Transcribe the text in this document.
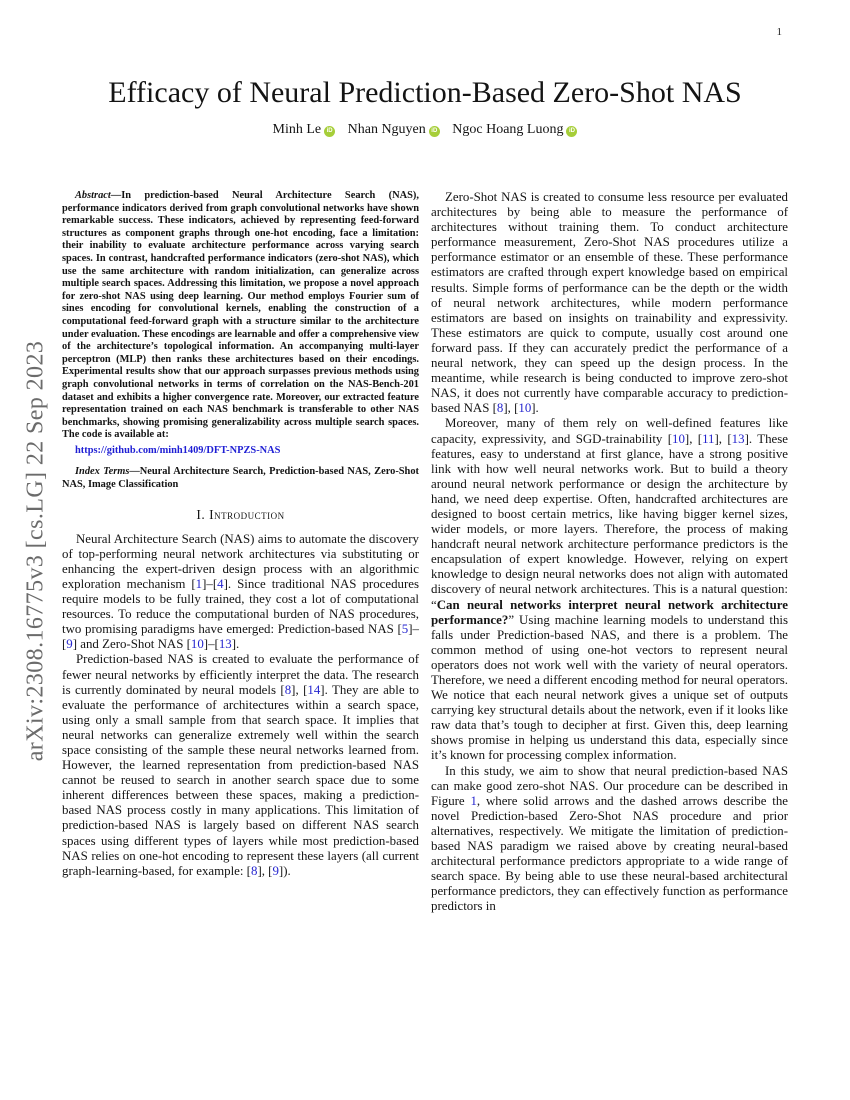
1
arXiv:2308.16775v3 [cs.LG] 22 Sep 2023
Efficacy of Neural Prediction-Based Zero-Shot NAS
Minh Le iD Nhan Nguyen iD Ngoc Hoang Luong iD

Abstract—In prediction-based Neural Architecture Search (NAS), performance indicators derived from graph convolutional networks have shown remarkable success. These indicators, achieved by representing feed-forward structures as component graphs through one-hot encoding, face a limitation: their inability to evaluate architecture performance across varying search spaces. In contrast, handcrafted performance indicators (zero-shot NAS), which use the same architecture with random initialization, can generalize across multiple search spaces. Addressing this limitation, we propose a novel approach for zero-shot NAS using deep learning. Our method employs Fourier sum of sines encoding for convolutional kernels, enabling the construction of a computational feed-forward graph with a structure similar to the architecture under evaluation. These encodings are learnable and offer a comprehensive view of the architecture’s topological information. An accompanying multi-layer perceptron (MLP) then ranks these architectures based on their encodings. Experimental results show that our approach surpasses previous methods using graph convolutional networks in terms of correlation on the NAS-Bench-201 dataset and exhibits a higher convergence rate. Moreover, our extracted feature representation trained on each NAS benchmark is transferable to other NAS benchmarks, showing promising generalizability across multiple search spaces. The code is available at:

https://github.com/minh1409/DFT-NPZS-NAS

Index Terms—Neural Architecture Search, Prediction-based NAS, Zero-Shot NAS, Image Classification

I. Introduction

Neural Architecture Search (NAS) aims to automate the discovery of top-performing neural network architectures via substituting or enhancing the expert-driven design process with an algorithmic exploration mechanism [1]–[4]. Since traditional NAS procedures require models to be fully trained, they cost a lot of computational resources. To reduce the computational burden of NAS procedures, two promising paradigms have emerged: Prediction-based NAS [5]–[9] and Zero-Shot NAS [10]–[13].

Prediction-based NAS is created to evaluate the performance of fewer neural networks by efficiently interpret the data. The research is currently dominated by neural models [8], [14]. They are able to evaluate the performance of architectures within a search space, using only a small sample from that search space. It implies that neural networks can generalize extremely well within the search space consisting of the sample these neural networks learned from. However, the learned representation from prediction-based NAS cannot be reused to search in another search space due to some inherent differences between these spaces, making a prediction-based NAS process costly in many applications. This limitation of prediction-based NAS is largely based on different NAS search spaces using different types of layers while most prediction-based NAS relies on one-hot encoding to represent these layers (all current graph-learning-based, for example: [8], [9]).

Zero-Shot NAS is created to consume less resource per evaluated architectures by being able to measure the performance of architectures without training them. To conduct architecture performance measurement, Zero-Shot NAS procedures utilize a performance estimator or an ensemble of these. These performance estimators are crafted through expert knowledge based on empirical results. Simple forms of performance can be the depth or the width of neural network architectures, while modern performance estimators are based on insights on trainability and expressivity. These estimators are quick to compute, usually cost around one forward pass. If they can accurately predict the performance of a neural network, they can speed up the design process. In the meantime, while research is being conducted to improve zero-shot NAS, it does not currently have comparable accuracy to prediction-based NAS [8], [10].

Moreover, many of them rely on well-defined features like capacity, expressivity, and SGD-trainability [10], [11], [13]. These features, easy to understand at first glance, have a strong positive link with how well neural networks work. But to build a theory around neural network performance or design the architecture by hand, we need deep expertise. Often, handcrafted architectures are designed to boost certain metrics, like having bigger kernel sizes, wider models, or more layers. Therefore, the process of making handcraft neural network architecture performance predictors is the encapsulation of expert knowledge. However, relying on expert knowledge to design neural networks does not align with automated discovery of neural network architectures. This is a natural question: “Can neural networks interpret neural network architecture performance?” Using machine learning models to understand this falls under Prediction-based NAS, and there is a problem. The common method of using one-hot vectors to represent neural operators does not work well with the variety of neural operators. Therefore, we need a different encoding method for neural operators. We notice that each neural network gives a unique set of outputs carrying key structural details about the network, even if it looks like raw data that’s tough to decipher at first. Given this, deep learning shows promise in helping us understand this data, especially since it’s known for processing complex information.

In this study, we aim to show that neural prediction-based NAS can make good zero-shot NAS. Our procedure can be described in Figure 1, where solid arrows and the dashed arrows describe the novel Prediction-based Zero-Shot NAS procedure and prior alternatives, respectively. We mitigate the limitation of prediction-based NAS paradigm we raised above by creating neural-based architectural performance predictors appropriate to a wide range of search space. By being able to use these neural-based architectural performance predictors, they can effectively function as performance predictors in
